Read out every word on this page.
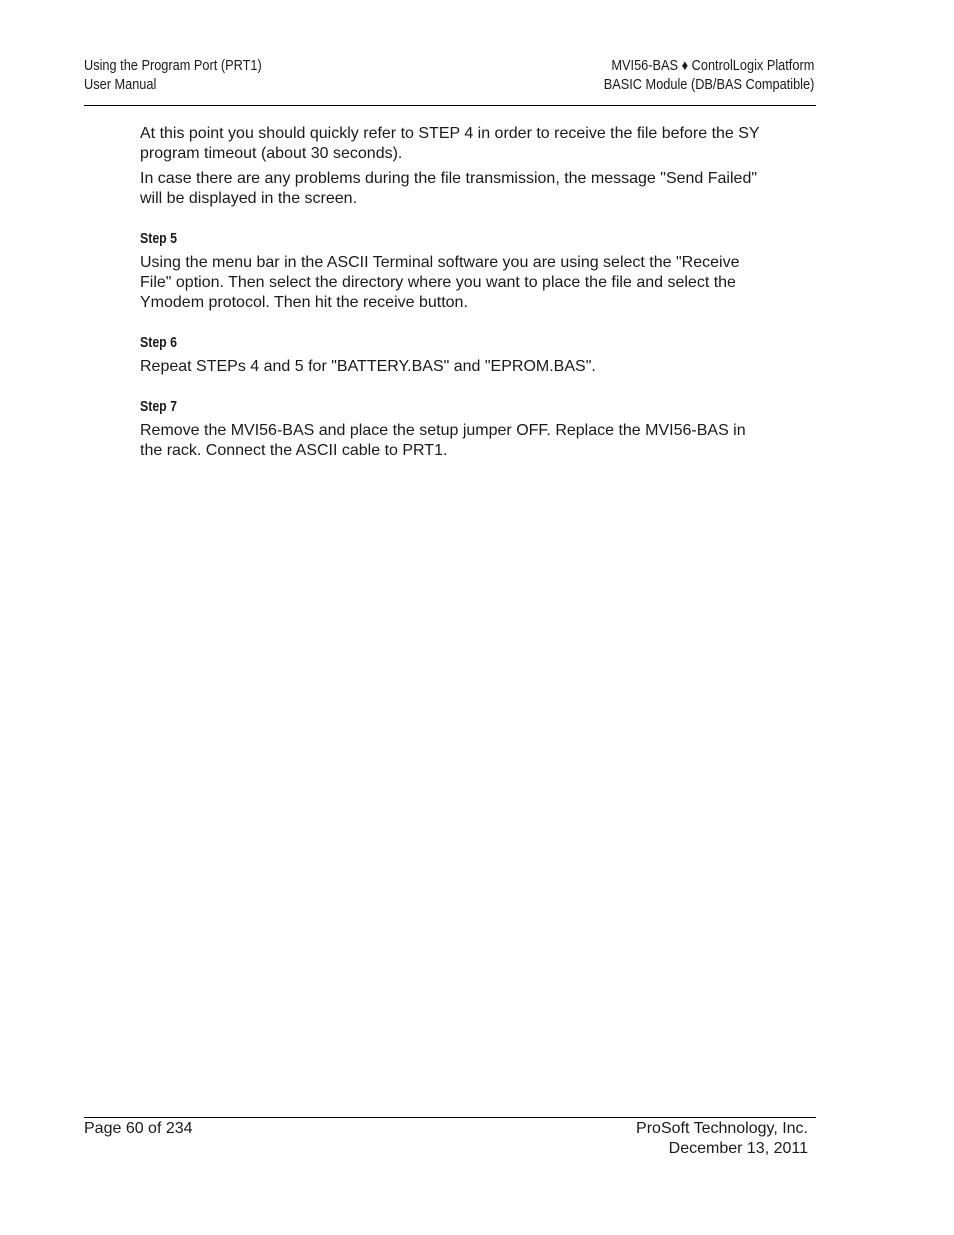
Using the Program Port (PRT1)
User Manual
MVI56-BAS ♦ ControlLogix Platform
BASIC Module (DB/BAS Compatible)

At this point you should quickly refer to STEP 4 in order to receive the file before the SY program timeout (about 30 seconds).

In case there are any problems during the file transmission, the message "Send Failed" will be displayed in the screen.

Step 5

Using the menu bar in the ASCII Terminal software you are using select the "Receive File" option. Then select the directory where you want to place the file and select the Ymodem protocol. Then hit the receive button.

Step 6

Repeat STEPs 4 and 5 for "BATTERY.BAS" and "EPROM.BAS".

Step 7

Remove the MVI56-BAS and place the setup jumper OFF. Replace the MVI56-BAS in the rack. Connect the ASCII cable to PRT1.

Page 60 of 234	ProSoft Technology, Inc.
December 13, 2011
